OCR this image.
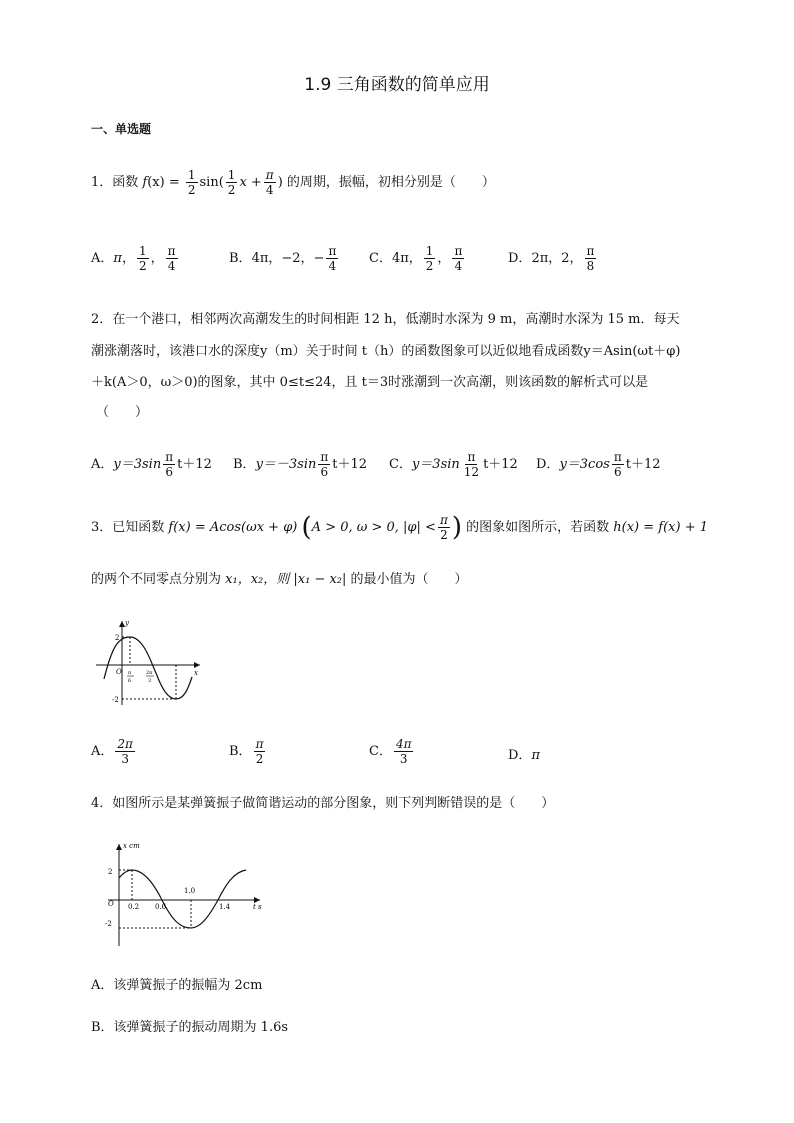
1.9 三角函数的简单应用
一、单选题
1．函数 $f(x) = \frac{1}{2} \sin( \frac{1}{2}$ $x + \frac{\pi}{4}$ ) 的周期，振幅，初相分别是（　　）
A．π， $\frac{1}{2}$ ， $\frac{\pi}{4}$	B．4π，−2，− $\frac{\pi}{4}$ C．4π， $\frac{1}{2}$ ， $\frac{\pi}{4}$	D．2π，2， $\frac{\pi}{8}$
2．在一个港口，相邻两次高潮发生的时间相距 12 h，低潮时水深为 9 m，高潮时水深为 15 m．每天
潮涨潮落时，该港口水的深度y（m）关于时间 t（h）的函数图象可以近似地看成函数y＝Asin(ωt＋φ)
＋k(A＞0，ω＞0)的图象，其中 0≤t≤24，且 t＝3时涨潮到一次高潮，则该函数的解析式可以是
（　　）
A．$y=3\sin \frac{\pi}{6} t+12$ B．$y=-3\sin \frac{\pi}{6} t+12$ C．$y=3\sin \frac{\pi}{12} t+12$ D．$y=3\cos \frac{\pi}{6} t+12$
3．已知函数 f(x) = Acos(ωx + φ) (A > 0, ω > 0, $|\varphi| < \frac{\pi}{2}$ ) 的图象如图所示，若函数 h(x) = f(x) + 1
的两个不同零点分别为 x₁，x₂，则 |x₁ − x₂| 的最小值为（　　）
2
-2
O
y
x
π
6
2π
3
A． $\frac{2\pi}{3}$	B． $\frac{\pi}{2}$	C． $\frac{4\pi}{3}$	D．π
4．如图所示是某弹簧振子做简谐运动的部分图象，则下列判断错误的是（　　）
x cm
2
-2
O 0.2 0.6
1.0
1.4	t s
A．该弹簧振子的振幅为 2cm
B．该弹簧振子的振动周期为 1.6s
